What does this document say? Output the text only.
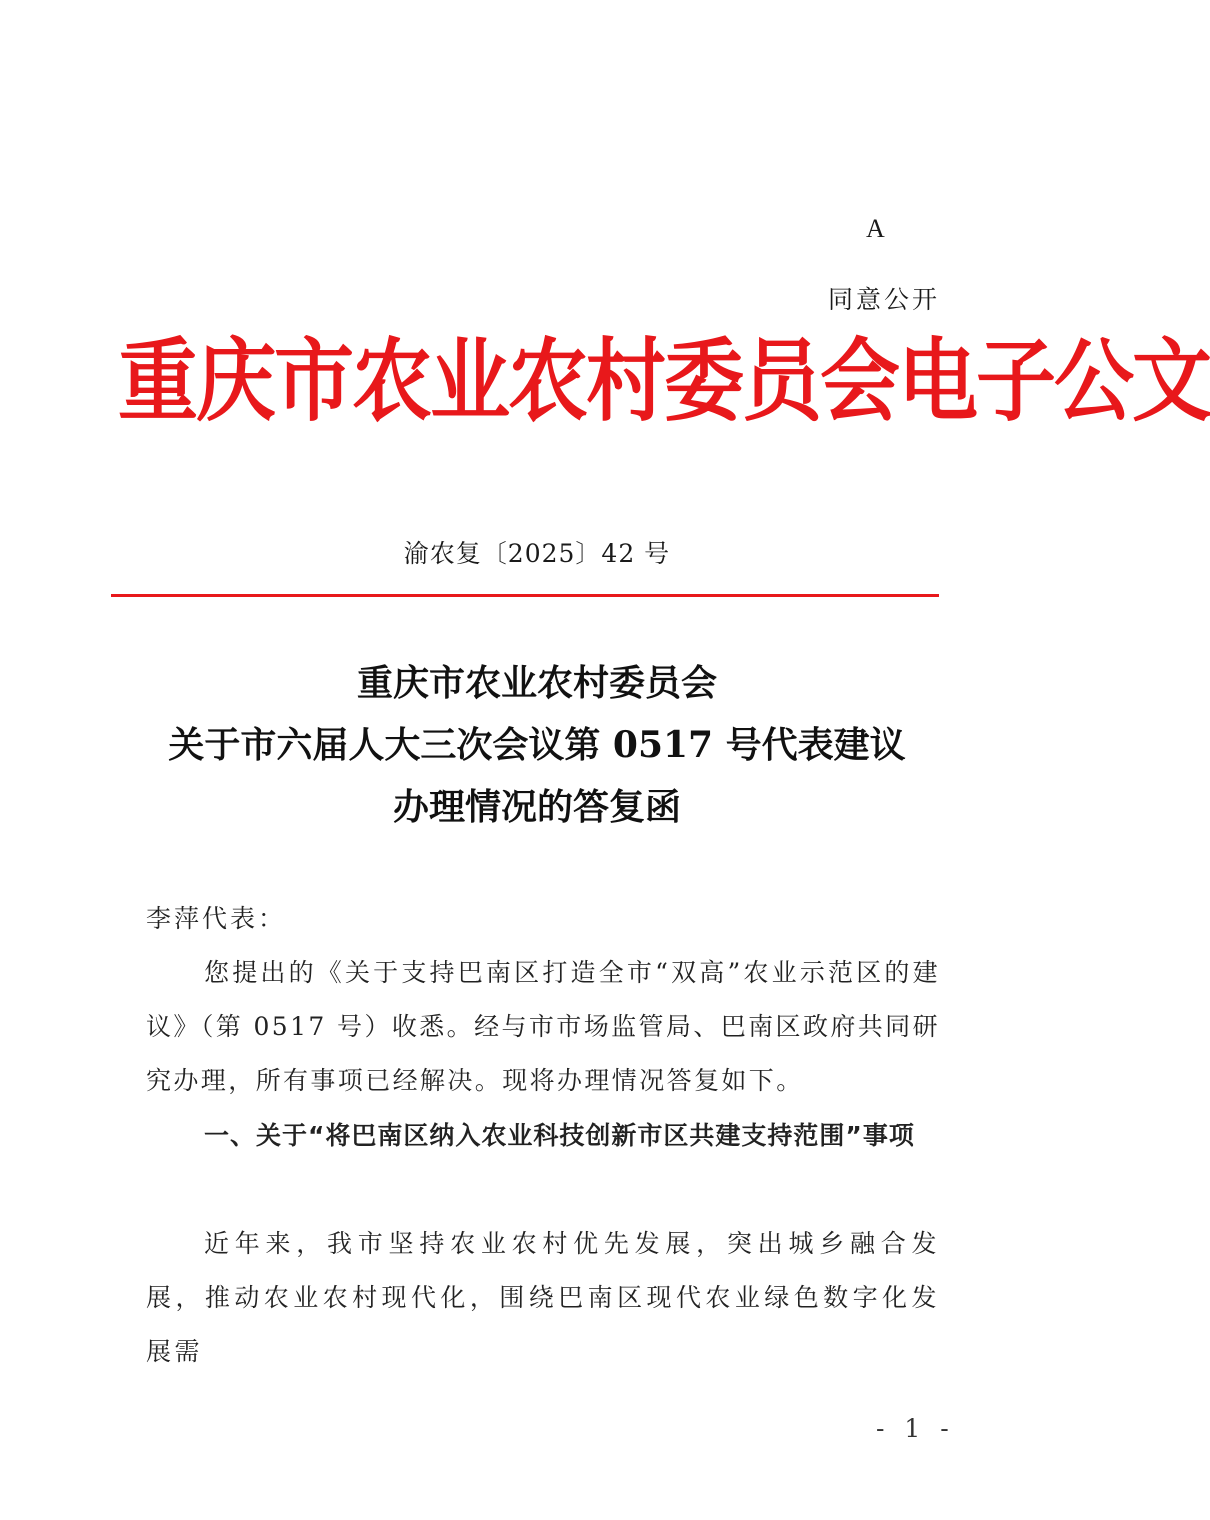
A
同意公开
重庆市农业农村委员会电子公文
渝农复〔2025〕42 号
重庆市农业农村委员会
关于市六届人大三次会议第 0517 号代表建议
办理情况的答复函
李萍代表：
您提出的《关于支持巴南区打造全市“双高”农业示范区的建议》（第 0517 号）收悉。经与市市场监管局、巴南区政府共同研究办理，所有事项已经解决。现将办理情况答复如下。
一、关于“将巴南区纳入农业科技创新市区共建支持范围”事项
近年来，我市坚持农业农村优先发展，突出城乡融合发展，推动农业农村现代化，围绕巴南区现代农业绿色数字化发展需
- 1 -
